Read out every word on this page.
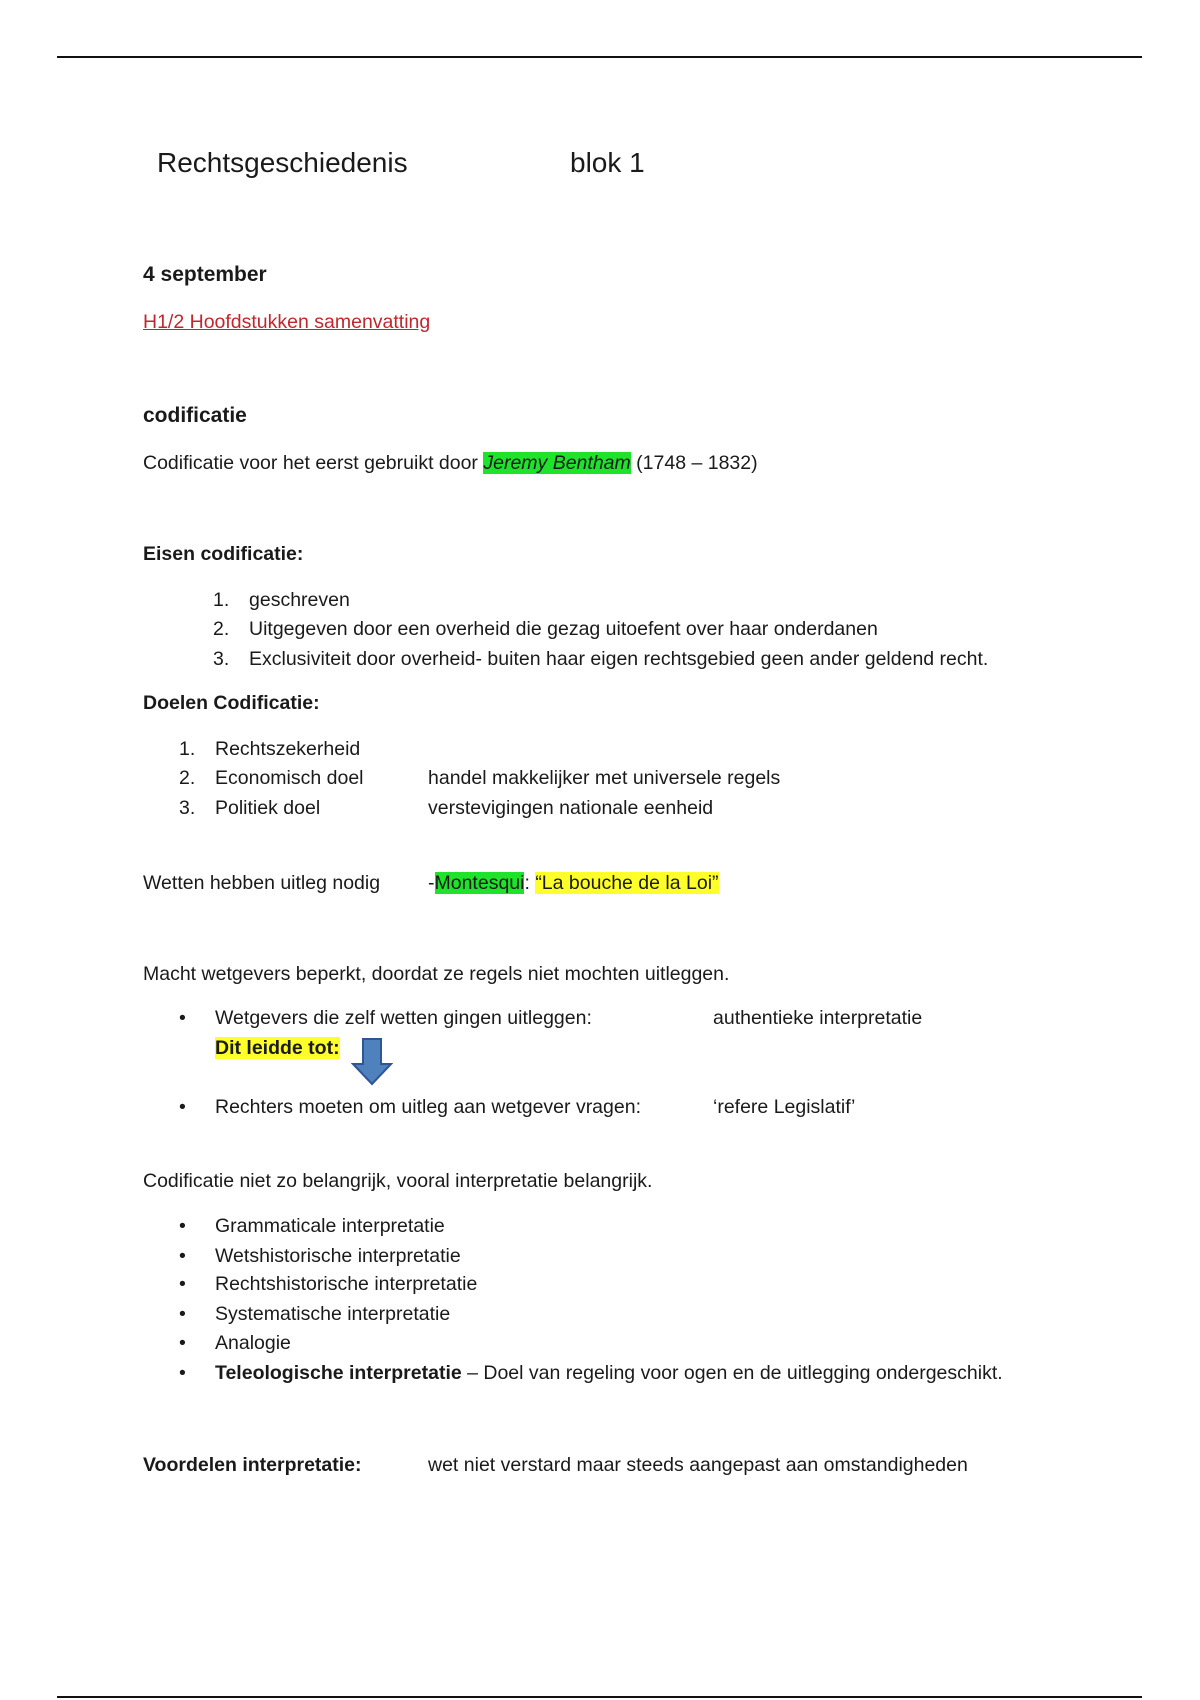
Rechtsgeschiedenis	blok 1
4 september
H1/2 Hoofdstukken samenvatting
codificatie
Codificatie voor het eerst gebruikt door Jeremy Bentham (1748 – 1832)
Eisen codificatie:
1. geschreven
2. Uitgegeven door een overheid die gezag uitoefent over haar onderdanen
3. Exclusiviteit door overheid- buiten haar eigen rechtsgebied geen ander geldend recht.
Doelen Codificatie:
1. Rechtszekerheid
2. Economisch doel	handel makkelijker met universele regels
3. Politiek doel	verstevigingen nationale eenheid
Wetten hebben uitleg nodig -Montesqui: “La bouche de la Loi”
Macht wetgevers beperkt, doordat ze regels niet mochten uitleggen.
• Wetgevers die zelf wetten gingen uitleggen:	authentieke interpretatie
Dit leidde tot:
• Rechters moeten om uitleg aan wetgever vragen:	‘refere Legislatif’
Codificatie niet zo belangrijk, vooral interpretatie belangrijk.
• Grammaticale interpretatie
• Wetshistorische interpretatie
• Rechtshistorische interpretatie
• Systematische interpretatie
• Analogie
• Teleologische interpretatie – Doel van regeling voor ogen en de uitlegging ondergeschikt.
Voordelen interpretatie:	wet niet verstard maar steeds aangepast aan omstandigheden
